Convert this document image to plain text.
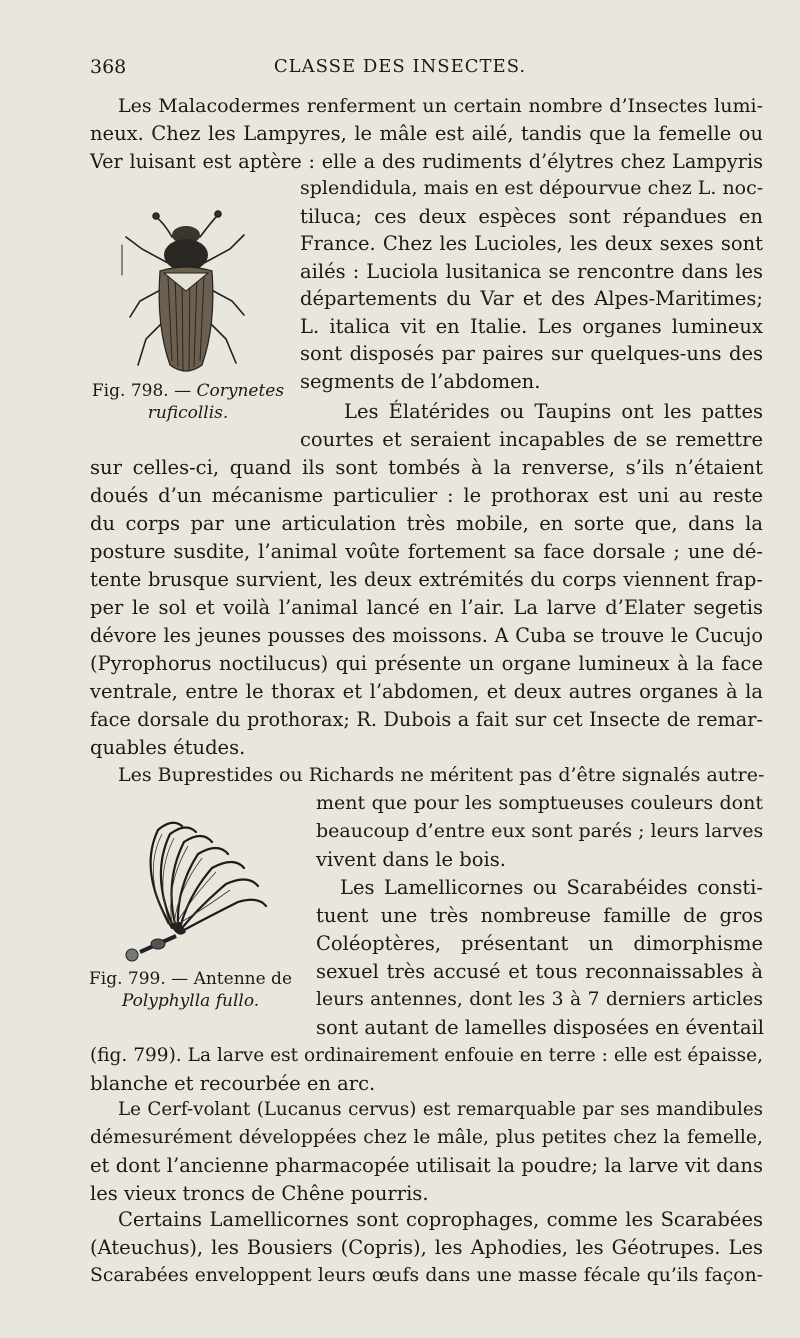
368	CLASSE DES INSECTES.
Fig. 798. — Corynetes
ruficollis.
Fig. 799. — Antenne de
Polyphylla fullo.
Les Malacodermes renferment un certain nombre d’Insectes lumi-
neux. Chez les Lampyres, le mâle est ailé, tandis que la femelle ou
Ver luisant est aptère : elle a des rudiments d’élytres chez Lampyris
splendidula, mais en est dépourvue chez L. noc-
tiluca; ces deux espèces sont répandues en
France. Chez les Lucioles, les deux sexes sont
ailés : Luciola lusitanica se rencontre dans les
départements du Var et des Alpes-Maritimes;
L. italica vit en Italie. Les organes lumineux
sont disposés par paires sur quelques-uns des
segments de l’abdomen.
Les Élatérides ou Taupins ont les pattes
courtes et seraient incapables de se remettre
sur celles-ci, quand ils sont tombés à la renverse, s’ils n’étaient
doués d’un mécanisme particulier : le prothorax est uni au reste
du corps par une articulation très mobile, en sorte que, dans la
posture susdite, l’animal voûte fortement sa face dorsale ; une dé-
tente brusque survient, les deux extrémités du corps viennent frap-
per le sol et voilà l’animal lancé en l’air. La larve d’Elater segetis
dévore les jeunes pousses des moissons. A Cuba se trouve le Cucujo
(Pyrophorus noctilucus) qui présente un organe lumineux à la face
ventrale, entre le thorax et l’abdomen, et deux autres organes à la
face dorsale du prothorax; R. Dubois a fait sur cet Insecte de remar-
quables études.
Les Buprestides ou Richards ne méritent pas d’être signalés autre-
ment que pour les somptueuses couleurs dont
beaucoup d’entre eux sont parés ; leurs larves
vivent dans le bois.
Les Lamellicornes ou Scarabéides consti-
tuent une très nombreuse famille de gros
Coléoptères, présentant un dimorphisme
sexuel très accusé et tous reconnaissables à
leurs antennes, dont les 3 à 7 derniers articles
sont autant de lamelles disposées en éventail
(fig. 799). La larve est ordinairement enfouie en terre : elle est épaisse,
blanche et recourbée en arc.
Le Cerf-volant (Lucanus cervus) est remarquable par ses mandibules
démesurément développées chez le mâle, plus petites chez la femelle,
et dont l’ancienne pharmacopée utilisait la poudre; la larve vit dans
les vieux troncs de Chêne pourris.
Certains Lamellicornes sont coprophages, comme les Scarabées
(Ateuchus), les Bousiers (Copris), les Aphodies, les Géotrupes. Les
Scarabées enveloppent leurs œufs dans une masse fécale qu’ils façon-
